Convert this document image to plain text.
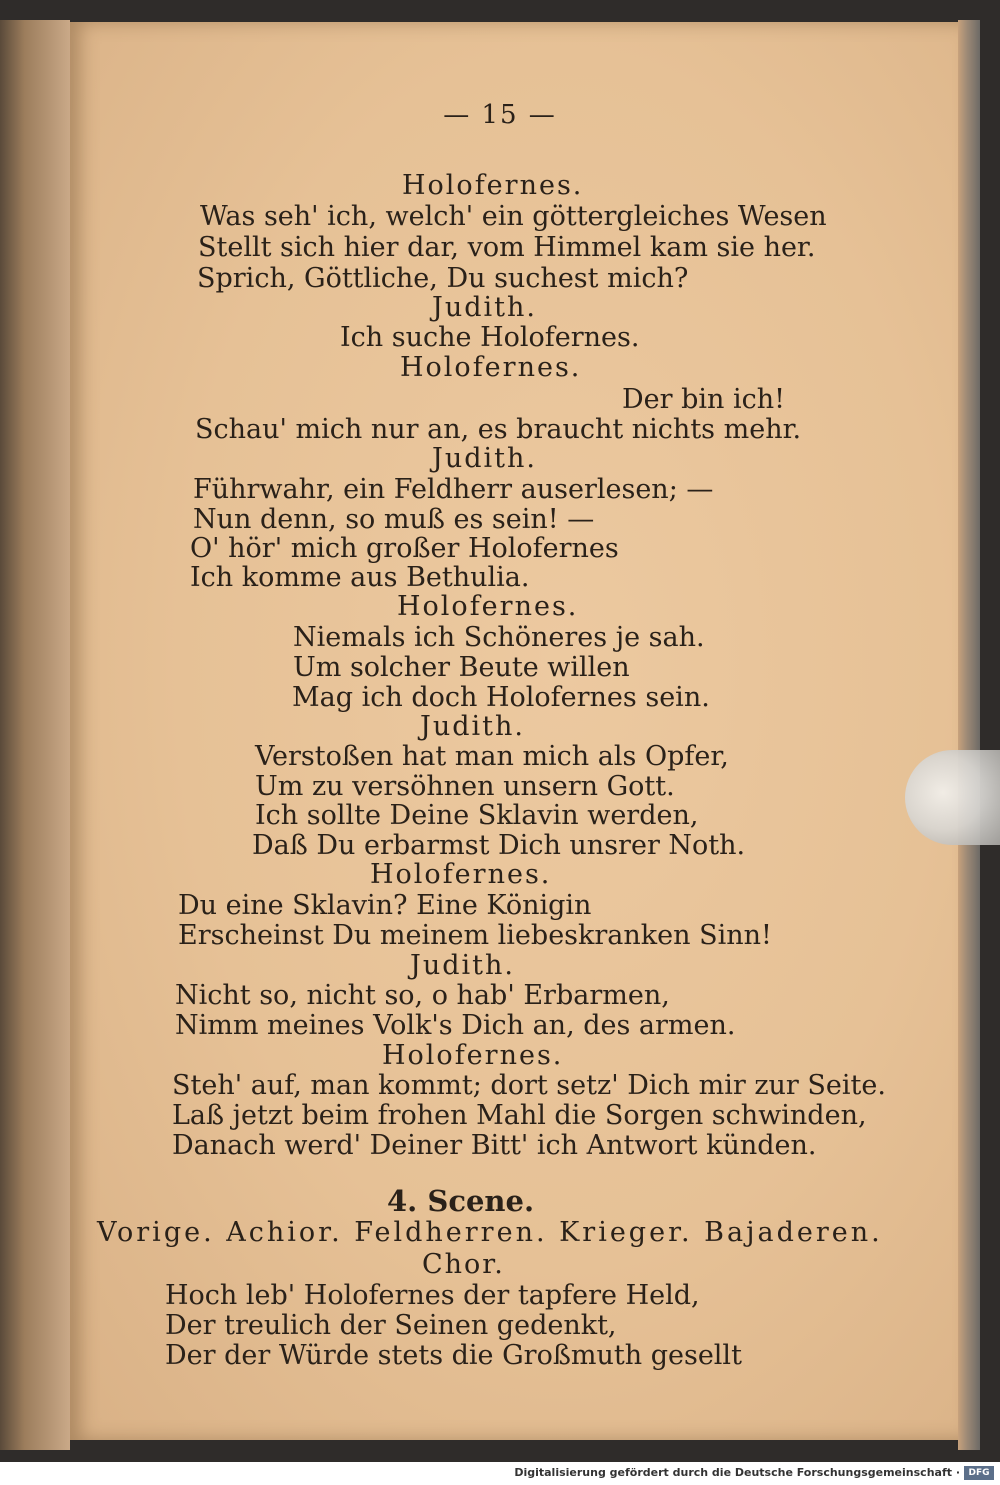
— 15 —
Holofernes.
Was seh' ich, welch' ein göttergleiches Wesen
Stellt sich hier dar, vom Himmel kam sie her.
Sprich, Göttliche, Du suchest mich?
Judith.
Ich suche Holofernes.
Holofernes.
Der bin ich!
Schau' mich nur an, es braucht nichts mehr.
Judith.
Führwahr, ein Feldherr auserlesen; —
Nun denn, so muß es sein! —
O' hör' mich großer Holofernes
Ich komme aus Bethulia.
Holofernes.
Niemals ich Schöneres je sah.
Um solcher Beute willen
Mag ich doch Holofernes sein.
Judith.
Verstoßen hat man mich als Opfer,
Um zu versöhnen unsern Gott.
Ich sollte Deine Sklavin werden,
Daß Du erbarmst Dich unsrer Noth.
Holofernes.
Du eine Sklavin? Eine Königin
Erscheinst Du meinem liebeskranken Sinn!
Judith.
Nicht so, nicht so, o hab' Erbarmen,
Nimm meines Volk's Dich an, des armen.
Holofernes.
Steh' auf, man kommt; dort setz' Dich mir zur Seite.
Laß jetzt beim frohen Mahl die Sorgen schwinden,
Danach werd' Deiner Bitt' ich Antwort künden.
4. Scene.
Vorige. Achior. Feldherren. Krieger. Bajaderen.
Chor.
Hoch leb' Holofernes der tapfere Held,
Der treulich der Seinen gedenkt,
Der der Würde stets die Großmuth gesellt
Digitalisierung gefördert durch die Deutsche Forschungsgemeinschaft · DFG
